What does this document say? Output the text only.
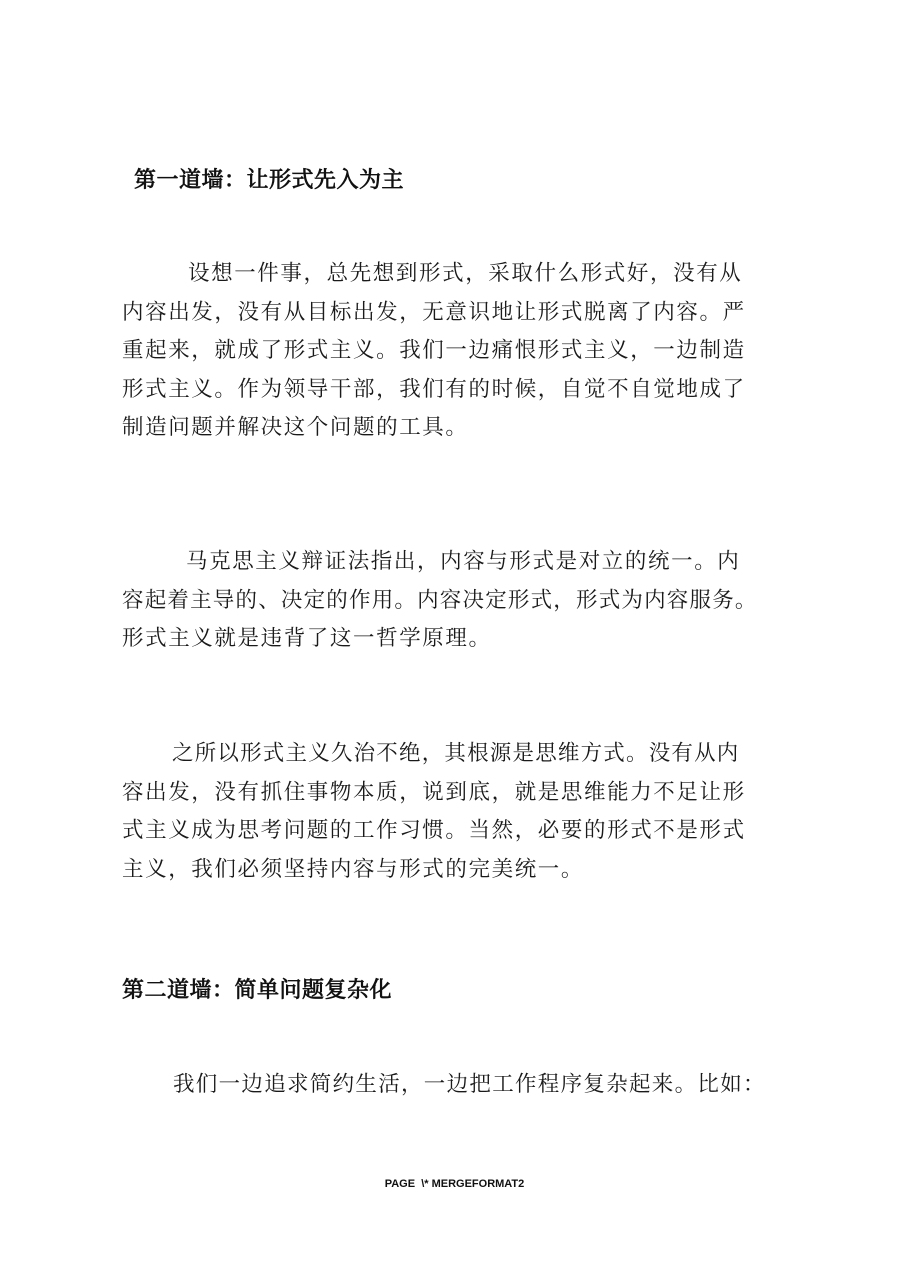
第一道墙：让形式先入为主
设想一件事，总先想到形式，采取什么形式好，没有从
内容出发，没有从目标出发，无意识地让形式脱离了内容。严
重起来，就成了形式主义。我们一边痛恨形式主义，一边制造
形式主义。作为领导干部，我们有的时候，自觉不自觉地成了
制造问题并解决这个问题的工具。
马克思主义辩证法指出，内容与形式是对立的统一。内
容起着主导的、决定的作用。内容决定形式，形式为内容服务。
形式主义就是违背了这一哲学原理。
之所以形式主义久治不绝，其根源是思维方式。没有从内
容出发，没有抓住事物本质，说到底，就是思维能力不足让形
式主义成为思考问题的工作习惯。当然，必要的形式不是形式
主义，我们必须坚持内容与形式的完美统一。
第二道墙：简单问题复杂化
我们一边追求简约生活，一边把工作程序复杂起来。比如：
PAGE  \* MERGEFORMAT2
